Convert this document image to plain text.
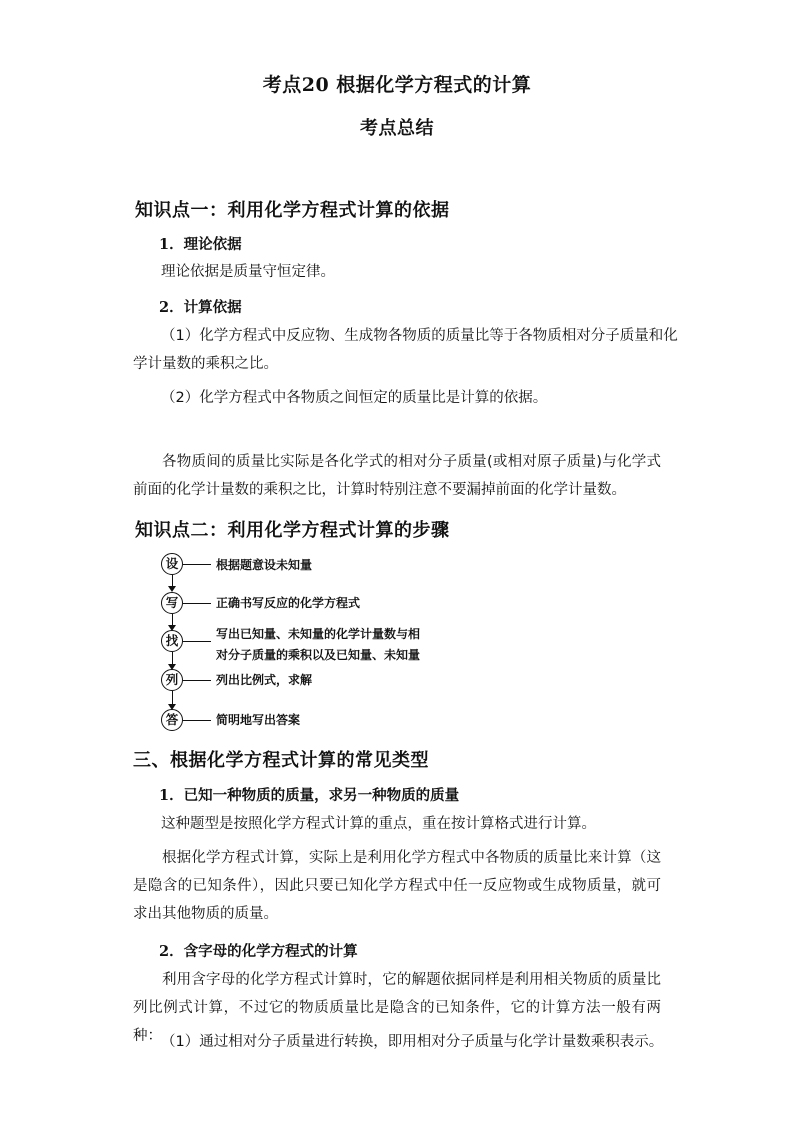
考点20 根据化学方程式的计算
考点总结
知识点一：利用化学方程式计算的依据
1．理论依据
理论依据是质量守恒定律。
2．计算依据
（1）化学方程式中反应物、生成物各物质的质量比等于各物质相对分子质量和化
学计量数的乘积之比。
（2）化学方程式中各物质之间恒定的质量比是计算的依据。
各物质间的质量比实际是各化学式的相对分子质量(或相对原子质量)与化学式前面的化学计量数的乘积之比，计算时特别注意不要漏掉前面的化学计量数。
知识点二：利用化学方程式计算的步骤
设	根据题意设未知量
写	正确书写反应的化学方程式
找	写出已知量、未知量的化学计量数与相
对分子质量的乘积以及已知量、未知量
列	列出比例式，求解
答	简明地写出答案
三、根据化学方程式计算的常见类型
1．已知一种物质的质量，求另一种物质的质量
这种题型是按照化学方程式计算的重点，重在按计算格式进行计算。
根据化学方程式计算，实际上是利用化学方程式中各物质的质量比来计算（这是隐含的已知条件），因此只要已知化学方程式中任一反应物或生成物质量，就可求出其他物质的质量。
2．含字母的化学方程式的计算
利用含字母的化学方程式计算时，它的解题依据同样是利用相关物质的质量比列比例式计算，不过它的物质质量比是隐含的已知条件，它的计算方法一般有两种： （1）通过相对分子质量进行转换，即用相对分子质量与化学计量数乘积表示。
